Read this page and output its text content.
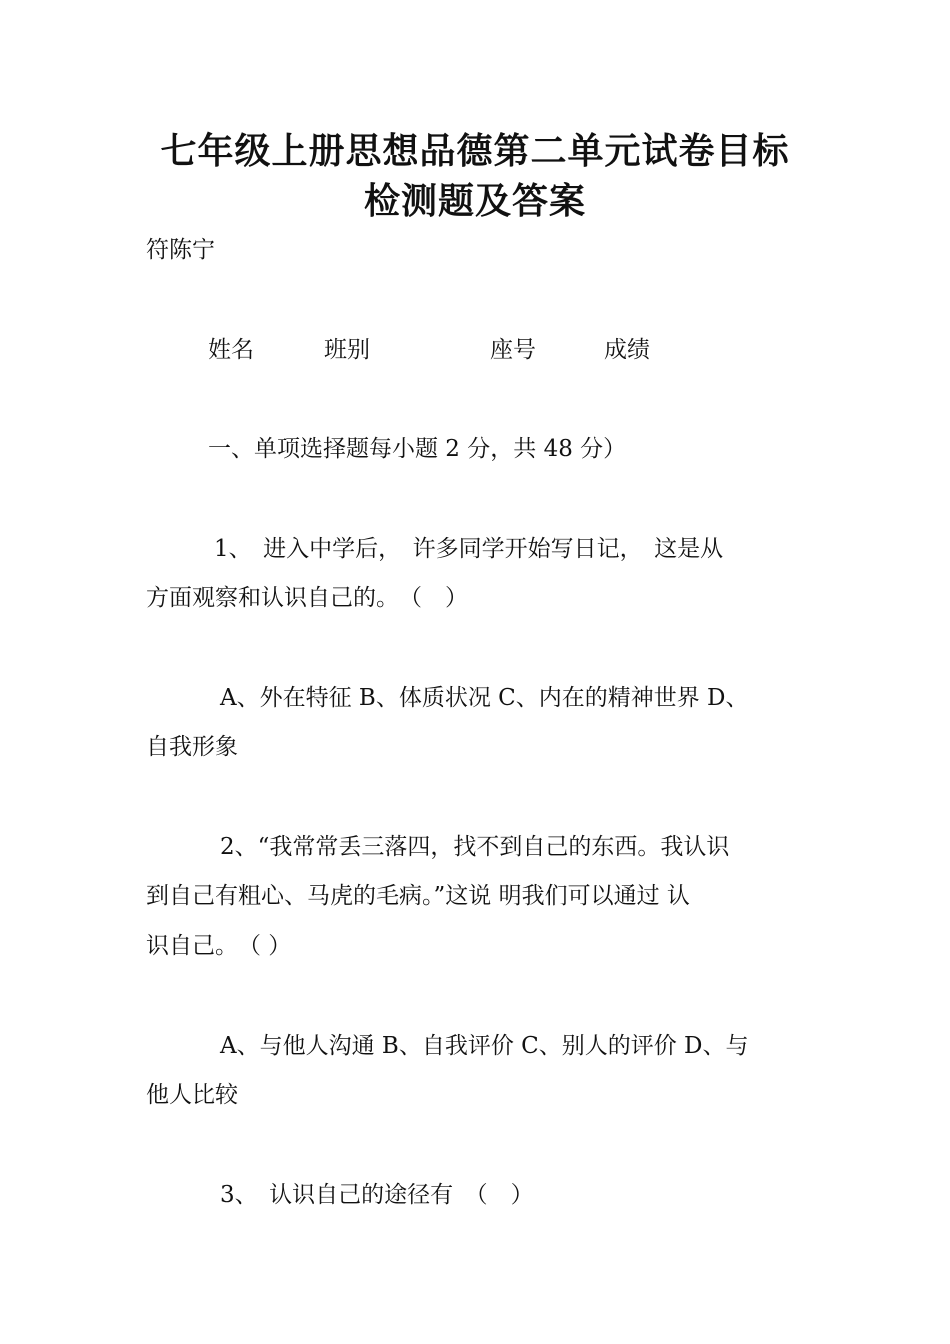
七年级上册思想品德第二单元试卷目标
检测题及答案
符陈宁
姓名	班别	座号	成绩
一、单项选择题每小题 2 分，共 48 分）
1、　进入中学后，　许多同学开始写日记，　这是从
方面观察和认识自己的。　（　）
A、外在特征 B、体质状况 C、内在的精神世界 D、
自我形象
2、“我常常丢三落四，找不到自己的东西。我认识
到自己有粗心、马虎的毛病。”这说 明我们可以通过 认
识自己。　（ ）
A、与他人沟通 B、自我评价 C、别人的评价 D、与
他人比较
3、　认识自己的途径有　（　）
